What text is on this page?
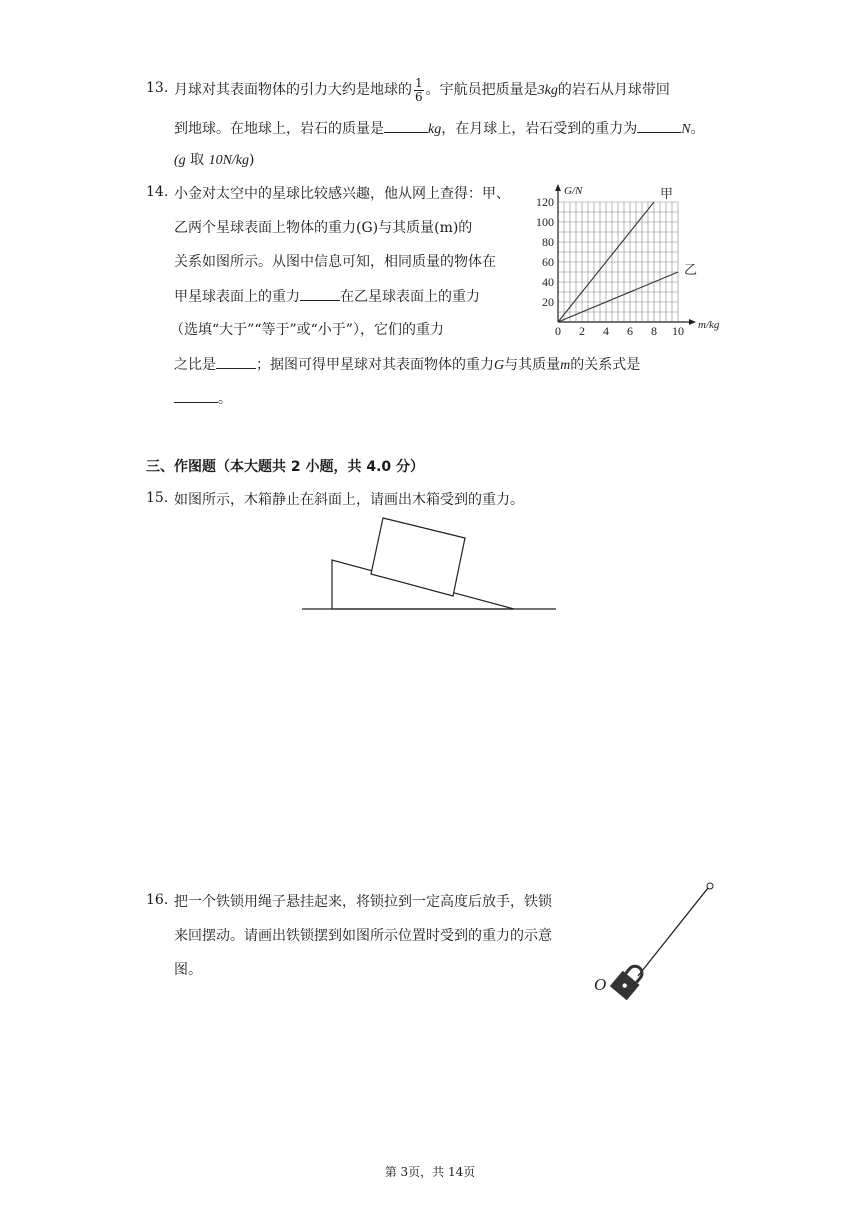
13. 月球对其表面物体的引力大约是地球的 $\frac{1}{6}$ 。宇航员把质量是3kg的岩石从月球带回
到地球。在地球上，岩石的质量是	kg，在月球上，岩石受到的重力为	N。
(g 取 10N/kg)
14. 小金对太空中的星球比较感兴趣，他从网上查得：甲、
乙两个星球表面上物体的重力(G)与其质量(m)的
关系如图所示。从图中信息可知，相同质量的物体在
甲星球表面上的重力	在乙星球表面上的重力
（选填“大于”“等于”或“小于”），它们的重力
之比是	；据图可得甲星球对其表面物体的重力G与其质量m的关系式是
。
0 2 4 6 8 10
20
40
60
80
100
120
m/kg
G/N	甲
乙
三、作图题（本大题共 2 小题，共 4.0 分）
15. 如图所示，木箱静止在斜面上，请画出木箱受到的重力。
16. 把一个铁锁用绳子悬挂起来，将锁拉到一定高度后放手，铁锁
来回摆动。请画出铁锁摆到如图所示位置时受到的重力的示意
图。
O
第 3页，共 14页
